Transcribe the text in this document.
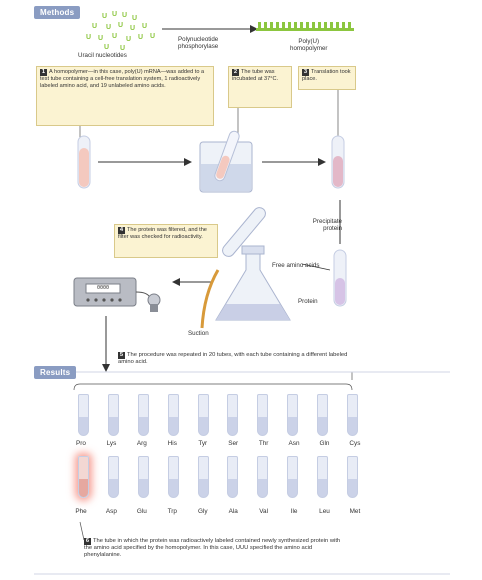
Methods	U U U U
U U U U U
U U U U U U
U U
Uracil nucleotides
Polynucleotide phosphorylase
Poly(U)
homopolymer
1 A homopolymer—in this case, poly(U) mRNA—was added to a test tube containing a cell-free translation system, 1 radioactively labeled amino acid, and 19 unlabeled amino acids.
2 The tube was incubated at 37°C.
3 Translation took place.
Precipitate protein
4 The protein was filtered, and the filter was checked for radioactivity.
Free amino acids
Protein
0000
Suction
5 The procedure was repeated in 20 tubes, with each tube containing a different labeled amino acid.
Results
Pro	Lys	Arg	His	Tyr	Ser	Thr	Asn	Gln	Cys
Phe	Asp	Glu	Trp	Gly	Ala	Val	Ile	Leu	Met
6 The tube in which the protein was radioactively labeled contained newly synthesized protein with the amino acid specified by the homopolymer. In this case, UUU specified the amino acid phenylalanine.
